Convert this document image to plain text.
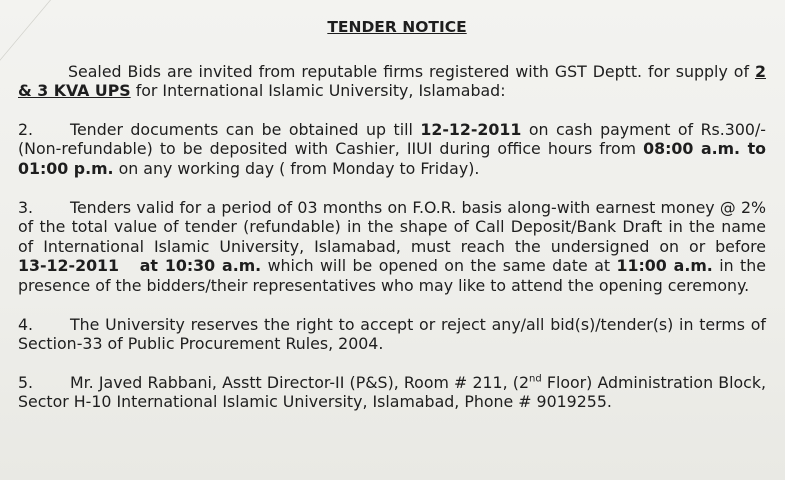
TENDER NOTICE

Sealed Bids are invited from reputable firms registered with GST Deptt. for supply of 2 & 3 KVA UPS for International Islamic University, Islamabad:

2. Tender documents can be obtained up till 12-12-2011 on cash payment of Rs.300/- (Non-refundable) to be deposited with Cashier, IIUI during office hours from 08:00 a.m. to 01:00 p.m. on any working day ( from Monday to Friday).

3. Tenders valid for a period of 03 months on F.O.R. basis along-with earnest money @ 2% of the total value of tender (refundable) in the shape of Call Deposit/Bank Draft in the name of International Islamic University, Islamabad, must reach the undersigned on or before 13-12-2011   at 10:30 a.m. which will be opened on the same date at 11:00 a.m. in the presence of the bidders/their representatives who may like to attend the opening ceremony.

4. The University reserves the right to accept or reject any/all bid(s)/tender(s) in terms of Section-33 of Public Procurement Rules, 2004.

5. Mr. Javed Rabbani, Asstt Director-II (P&S), Room # 211, (2nd Floor) Administration Block, Sector H-10 International Islamic University, Islamabad, Phone # 9019255.
